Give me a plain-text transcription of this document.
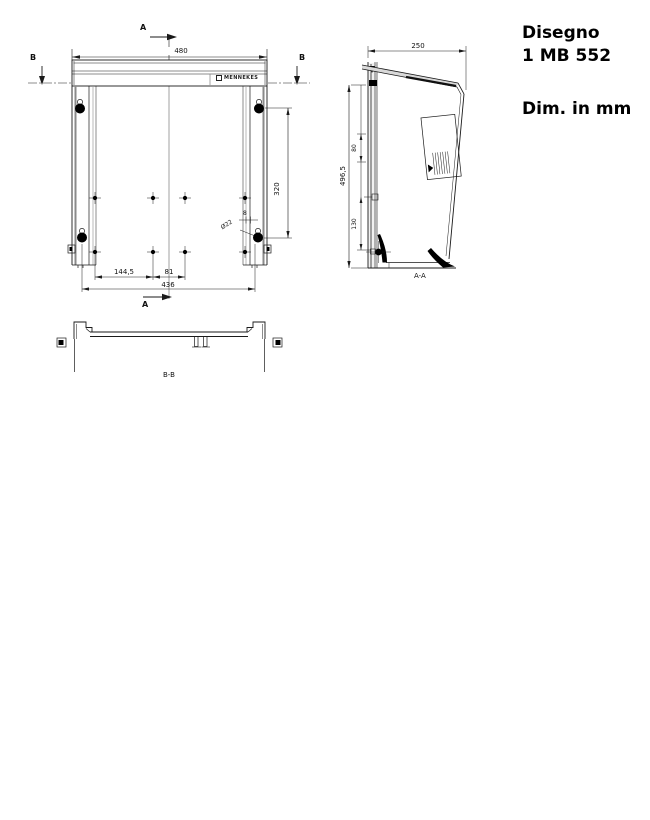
Disegno
1 MB 552
Dim. in mm
MENNEKES
A
A
B	B
480
144,5	81
436
320
Ø22
8
250
496,5
80
130
A-A
B-B
